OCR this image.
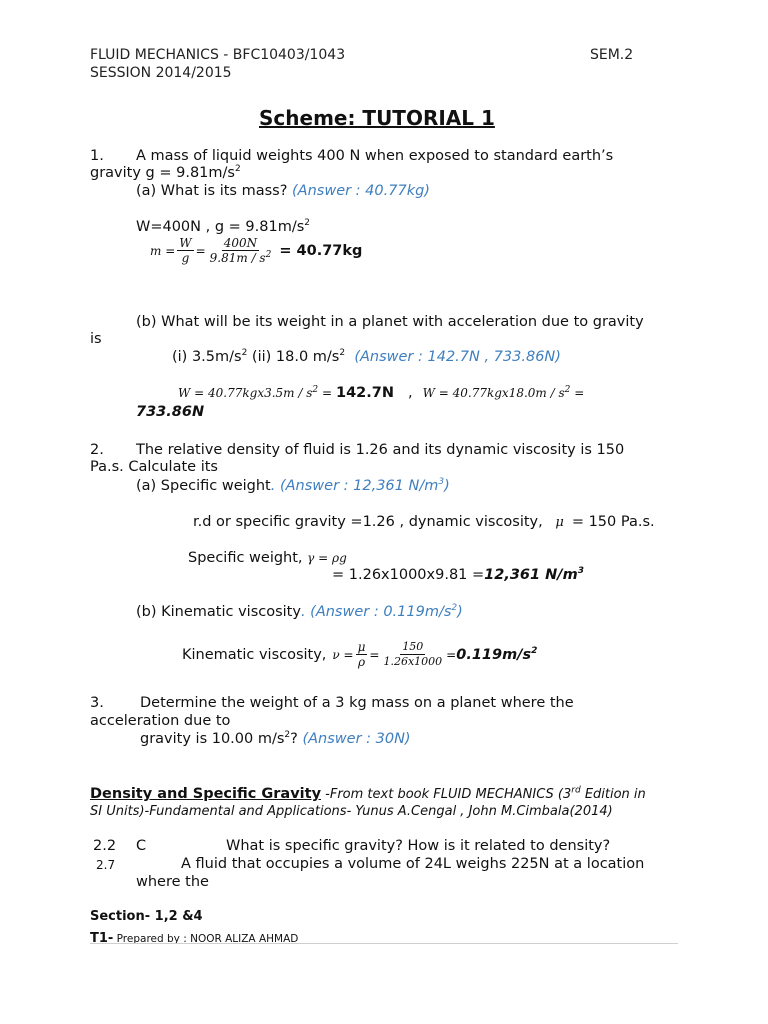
FLUID MECHANICS - BFC10403/1043	SEM.2
SESSION 2014/2015
Scheme: TUTORIAL 1
1. A mass of liquid weights 400 N when exposed to standard earth’s
gravity $g = 9.81m/s^2$
(a) What is its mass? (Answer : 40.77kg)
W=400N , $g = 9.81m/s^2$
$m = \frac{W}{g} = \frac{400N}{9.81m / s^2} = 40.77kg$
(b) What will be its weight in a planet with acceleration due to gravity
is
(i) $3.5m/s^2$ (ii) 18.0 $m/s^2$ (Answer : 142.7N , 733.86N)
$W = 40.77kgx3.5m / s^2 = 142.7N$ , $W = 40.77kgx18.0m / s^2$ =
733.86N
2. The relative density of fluid is 1.26 and its dynamic viscosity is 150
Pa.s. Calculate its
(a) Specific weight. (Answer : 12,361 $N/m^3$)
r.d or specific gravity =1.26 , dynamic viscosity, μ = 150 Pa.s.
Specific weight, γ = ρg
= 1.26x1000x9.81 =12,361 $N/m^3$
(b) Kinematic viscosity. (Answer : $0.119m/s^2$)
Kinematic viscosity, $\nu = \frac{\mu}{\rho} = \frac{150}{1.26x1000} = 0.119m/s^2$
3. Determine the weight of a 3 kg mass on a planet where the
acceleration due to
gravity is 10.00 $m/s^2$? (Answer : 30N)
Density and Specific Gravity -From text book FLUID MECHANICS (3rd Edition in
SI Units)-Fundamental and Applications- Yunus A.Cengal , John M.Cimbala(2014)
2.2 C	What is specific gravity? How is it related to density?
2.7	A fluid that occupies a volume of 24L weighs 225N at a location
where the
Section- 1,2 &4
T1- Prepared by : NOOR ALIZA AHMAD
